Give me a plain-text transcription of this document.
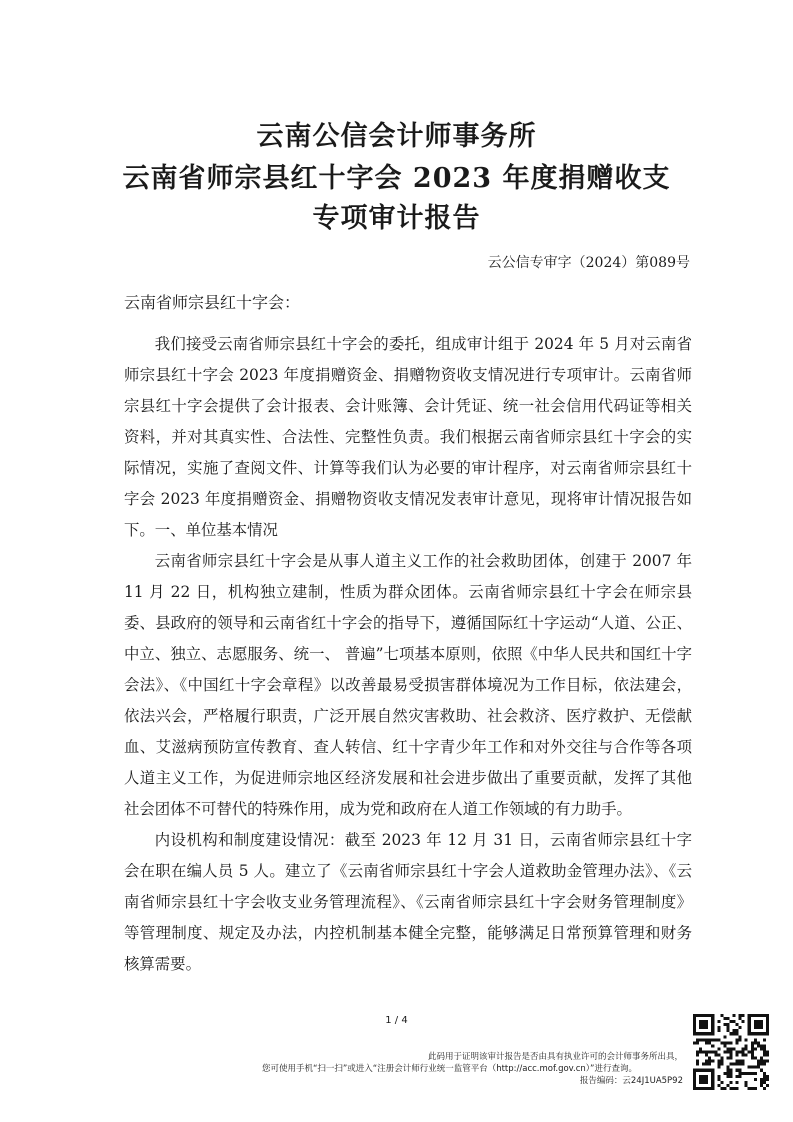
云南公信会计师事务所
云南省师宗县红十字会 2023 年度捐赠收支
专项审计报告
云公信专审字（2024）第089号
云南省师宗县红十字会：

我们接受云南省师宗县红十字会的委托，组成审计组于 2024 年 5 月对云南省师宗县红十字会 2023 年度捐赠资金、捐赠物资收支情况进行专项审计。云南省师宗县红十字会提供了会计报表、会计账簿、会计凭证、统一社会信用代码证等相关资料，并对其真实性、合法性、完整性负责。我们根据云南省师宗县红十字会的实际情况，实施了查阅文件、计算等我们认为必要的审计程序，对云南省师宗县红十字会 2023 年度捐赠资金、捐赠物资收支情况发表审计意见，现将审计情况报告如下。 一、单位基本情况

云南省师宗县红十字会是从事人道主义工作的社会救助团体，创建于 2007 年 11 月 22 日，机构独立建制，性质为群众团体。云南省师宗县红十字会在师宗县委、县政府的领导和云南省红十字会的指导下，遵循国际红十字运动“人道、公正、中立、独立、志愿服务、统一、 普遍”七项基本原则，依照《中华人民共和国红十字会法》、《中国红十字会章程》以改善最易受损害群体境况为工作目标，依法建会，依法兴会，严格履行职责，广泛开展自然灾害救助、社会救济、医疗救护、无偿献血、艾滋病预防宣传教育、查人转信、红十字青少年工作和对外交往与合作等各项人道主义工作，为促进师宗地区经济发展和社会进步做出了重要贡献，发挥了其他社会团体不可替代的特殊作用，成为党和政府在人道工作领域的有力助手。

内设机构和制度建设情况：截至 2023 年 12 月 31 日，云南省师宗县红十字会在职在编人员 5 人。建立了《云南省师宗县红十字会人道救助金管理办法》、《云南省师宗县红十字会收支业务管理流程》、《云南省师宗县红十字会财务管理制度》 等管理制度、规定及办法，内控机制基本健全完整，能够满足日常预算管理和财务核算需要。

1 / 4
此码用于证明该审计报告是否由具有执业许可的会计师事务所出具，
您可使用手机“扫一扫”或进入“注册会计师行业统一监管平台（http://acc.mof.gov.cn）”进行查询。
报告编码：云24J1UA5P92
